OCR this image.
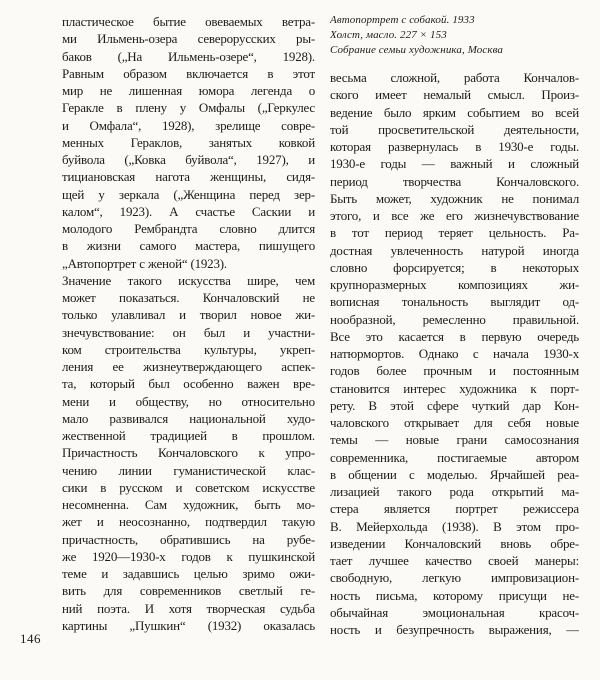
пластическое бытие овеваемых ветра-
ми Ильмень-озера северорусских ры-
баков („На Ильмень-озере“, 1928).
Равным образом включается в этот
мир не лишенная юмора легенда о
Геракле в плену у Омфалы („Геркулес
и Омфала“, 1928), зрелище совре-
менных Гераклов, занятых ковкой
буйвола („Ковка буйвола“, 1927), и
тициановская нагота женщины, сидя-
щей у зеркала („Женщина перед зер-
калом“, 1923). А счастье Саскии и
молодого Рембрандта словно длится
в жизни самого мастера, пишущего
„Автопортрет с женой“ (1923).
Значение такого искусства шире, чем
может показаться. Кончаловский не
только улавливал и творил новое жи-
знечувствование: он был и участни-
ком строительства культуры, укреп-
ления ее жизнеутверждающего аспек-
та, который был особенно важен вре-
мени и обществу, но относительно
мало развивался национальной худо-
жественной традицией в прошлом.
Причастность Кончаловского к упро-
чению линии гуманистической клас-
сики в русском и советском искусстве
несомненна. Сам художник, быть мо-
жет и неосознанно, подтвердил такую
причастность, обратившись на рубе-
же 1920—1930-х годов к пушкинской
теме и задавшись целью зримо ожи-
вить для современников светлый ге-
ний поэта. И хотя творческая судьба
картины „Пушкин“ (1932) оказалась
Автопортрет с собакой. 1933
Холст, масло. 227 × 153
Собрание семьи художника, Москва
весьма сложной, работа Кончалов-
ского имеет немалый смысл. Произ-
ведение было ярким событием во всей
той просветительской деятельности,
которая развернулась в 1930-е годы.
1930-е годы — важный и сложный
период творчества Кончаловского.
Быть может, художник не понимал
этого, и все же его жизнечувствование
в тот период теряет цельность. Ра-
достная увлеченность натурой иногда
словно форсируется; в некоторых
крупноразмерных композициях жи-
вописная тональность выглядит од-
нообразной, ремесленно правильной.
Все это касается в первую очередь
натюрмортов. Однако с начала 1930-х
годов более прочным и постоянным
становится интерес художника к порт-
рету. В этой сфере чуткий дар Кон-
чаловского открывает для себя новые
темы — новые грани самосознания
современника, постигаемые автором
в общении с моделью. Ярчайшей реа-
лизацией такого рода открытий ма-
стера является портрет режиссера
В. Мейерхольда (1938). В этом про-
изведении Кончаловский вновь обре-
тает лучшее качество своей манеры:
свободную, легкую импровизацион-
ность письма, которому присущи не-
обычайная эмоциональная красоч-
ность и безупречность выражения, —
146
